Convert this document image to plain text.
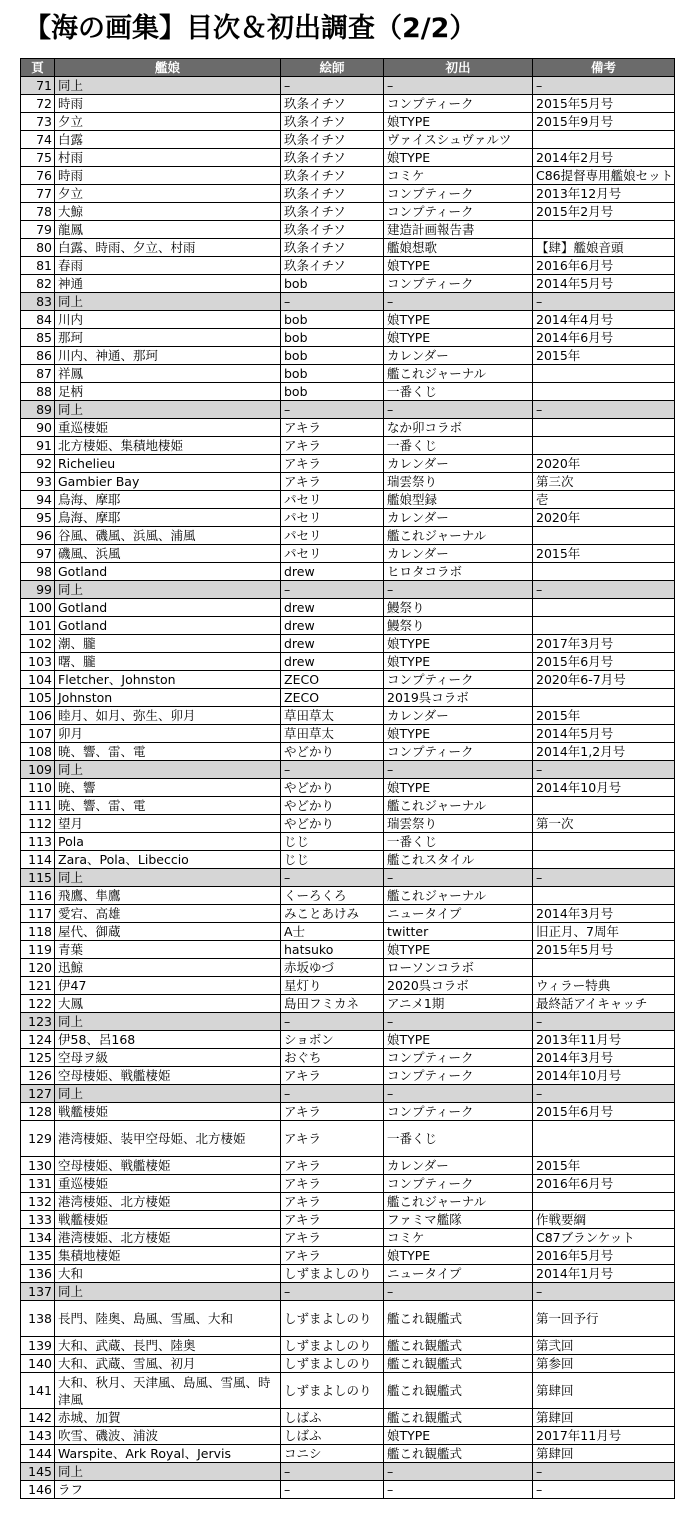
【海の画集】目次＆初出調査（2/2）
頁	艦娘	絵師	初出	備考
71	同上	–	–	–
72	時雨	玖条イチソ	コンプティーク	2015年5月号
73	夕立	玖条イチソ	娘TYPE	2015年9月号
74	白露	玖条イチソ	ヴァイスシュヴァルツ	
75	村雨	玖条イチソ	娘TYPE	2014年2月号
76	時雨	玖条イチソ	コミケ	C86提督専用艦娘セット
77	夕立	玖条イチソ	コンプティーク	2013年12月号
78	大鯨	玖条イチソ	コンプティーク	2015年2月号
79	龍鳳	玖条イチソ	建造計画報告書	
80	白露、時雨、夕立、村雨	玖条イチソ	艦娘想歌	【肆】艦娘音頭
81	春雨	玖条イチソ	娘TYPE	2016年6月号
82	神通	bob	コンプティーク	2014年5月号
83	同上	–	–	–
84	川内	bob	娘TYPE	2014年4月号
85	那珂	bob	娘TYPE	2014年6月号
86	川内、神通、那珂	bob	カレンダー	2015年
87	祥鳳	bob	艦これジャーナル	
88	足柄	bob	一番くじ	
89	同上	–	–	–
90	重巡棲姫	アキラ	なか卯コラボ	
91	北方棲姫、集積地棲姫	アキラ	一番くじ	
92	Richelieu	アキラ	カレンダー	2020年
93	Gambier Bay	アキラ	瑞雲祭り	第三次
94	鳥海、摩耶	パセリ	艦娘型録	壱
95	鳥海、摩耶	パセリ	カレンダー	2020年
96	谷風、磯風、浜風、浦風	パセリ	艦これジャーナル	
97	磯風、浜風	パセリ	カレンダー	2015年
98	Gotland	drew	ヒロタコラボ	
99	同上	–	–	–
100	Gotland	drew	鰻祭り	
101	Gotland	drew	鰻祭り	
102	潮、朧	drew	娘TYPE	2017年3月号
103	曙、朧	drew	娘TYPE	2015年6月号
104	Fletcher、Johnston	ZECO	コンプティーク	2020年6-7月号
105	Johnston	ZECO	2019呉コラボ	
106	睦月、如月、弥生、卯月	草田草太	カレンダー	2015年
107	卯月	草田草太	娘TYPE	2014年5月号
108	暁、響、雷、電	やどかり	コンプティーク	2014年1,2月号
109	同上	–	–	–
110	暁、響	やどかり	娘TYPE	2014年10月号
111	暁、響、雷、電	やどかり	艦これジャーナル	
112	望月	やどかり	瑞雲祭り	第一次
113	Pola	じじ	一番くじ	
114	Zara、Pola、Libeccio	じじ	艦これスタイル	
115	同上	–	–	–
116	飛鷹、隼鷹	くーろくろ	艦これジャーナル	
117	愛宕、高雄	みことあけみ	ニュータイプ	2014年3月号
118	屋代、御蔵	A士	twitter	旧正月、7周年
119	青葉	hatsuko	娘TYPE	2015年5月号
120	迅鯨	赤坂ゆづ	ローソンコラボ	
121	伊47	星灯り	2020呉コラボ	ウィラー特典
122	大鳳	島田フミカネ	アニメ1期	最終話アイキャッチ
123	同上	–	–	–
124	伊58、呂168	ショボン	娘TYPE	2013年11月号
125	空母ヲ級	おぐち	コンプティーク	2014年3月号
126	空母棲姫、戦艦棲姫	アキラ	コンプティーク	2014年10月号
127	同上	–	–	–
128	戦艦棲姫	アキラ	コンプティーク	2015年6月号
129	港湾棲姫、装甲空母姫、北方棲姫	アキラ	一番くじ	
130	空母棲姫、戦艦棲姫	アキラ	カレンダー	2015年
131	重巡棲姫	アキラ	コンプティーク	2016年6月号
132	港湾棲姫、北方棲姫	アキラ	艦これジャーナル	
133	戦艦棲姫	アキラ	ファミマ艦隊	作戦要綱
134	港湾棲姫、北方棲姫	アキラ	コミケ	C87ブランケット
135	集積地棲姫	アキラ	娘TYPE	2016年5月号
136	大和	しずまよしのり	ニュータイプ	2014年1月号
137	同上	–	–	–
138	長門、陸奥、島風、雪風、大和	しずまよしのり	艦これ観艦式	第一回予行
139	大和、武蔵、長門、陸奥	しずまよしのり	艦これ観艦式	第弐回
140	大和、武蔵、雪風、初月	しずまよしのり	艦これ観艦式	第参回
141	大和、秋月、天津風、島風、雪風、時津風	しずまよしのり	艦これ観艦式	第肆回
142	赤城、加賀	しばふ	艦これ観艦式	第肆回
143	吹雪、磯波、浦波	しばふ	娘TYPE	2017年11月号
144	Warspite、Ark Royal、Jervis	コニシ	艦これ観艦式	第肆回
145	同上	–	–	–
146	ラフ	–	–	–
